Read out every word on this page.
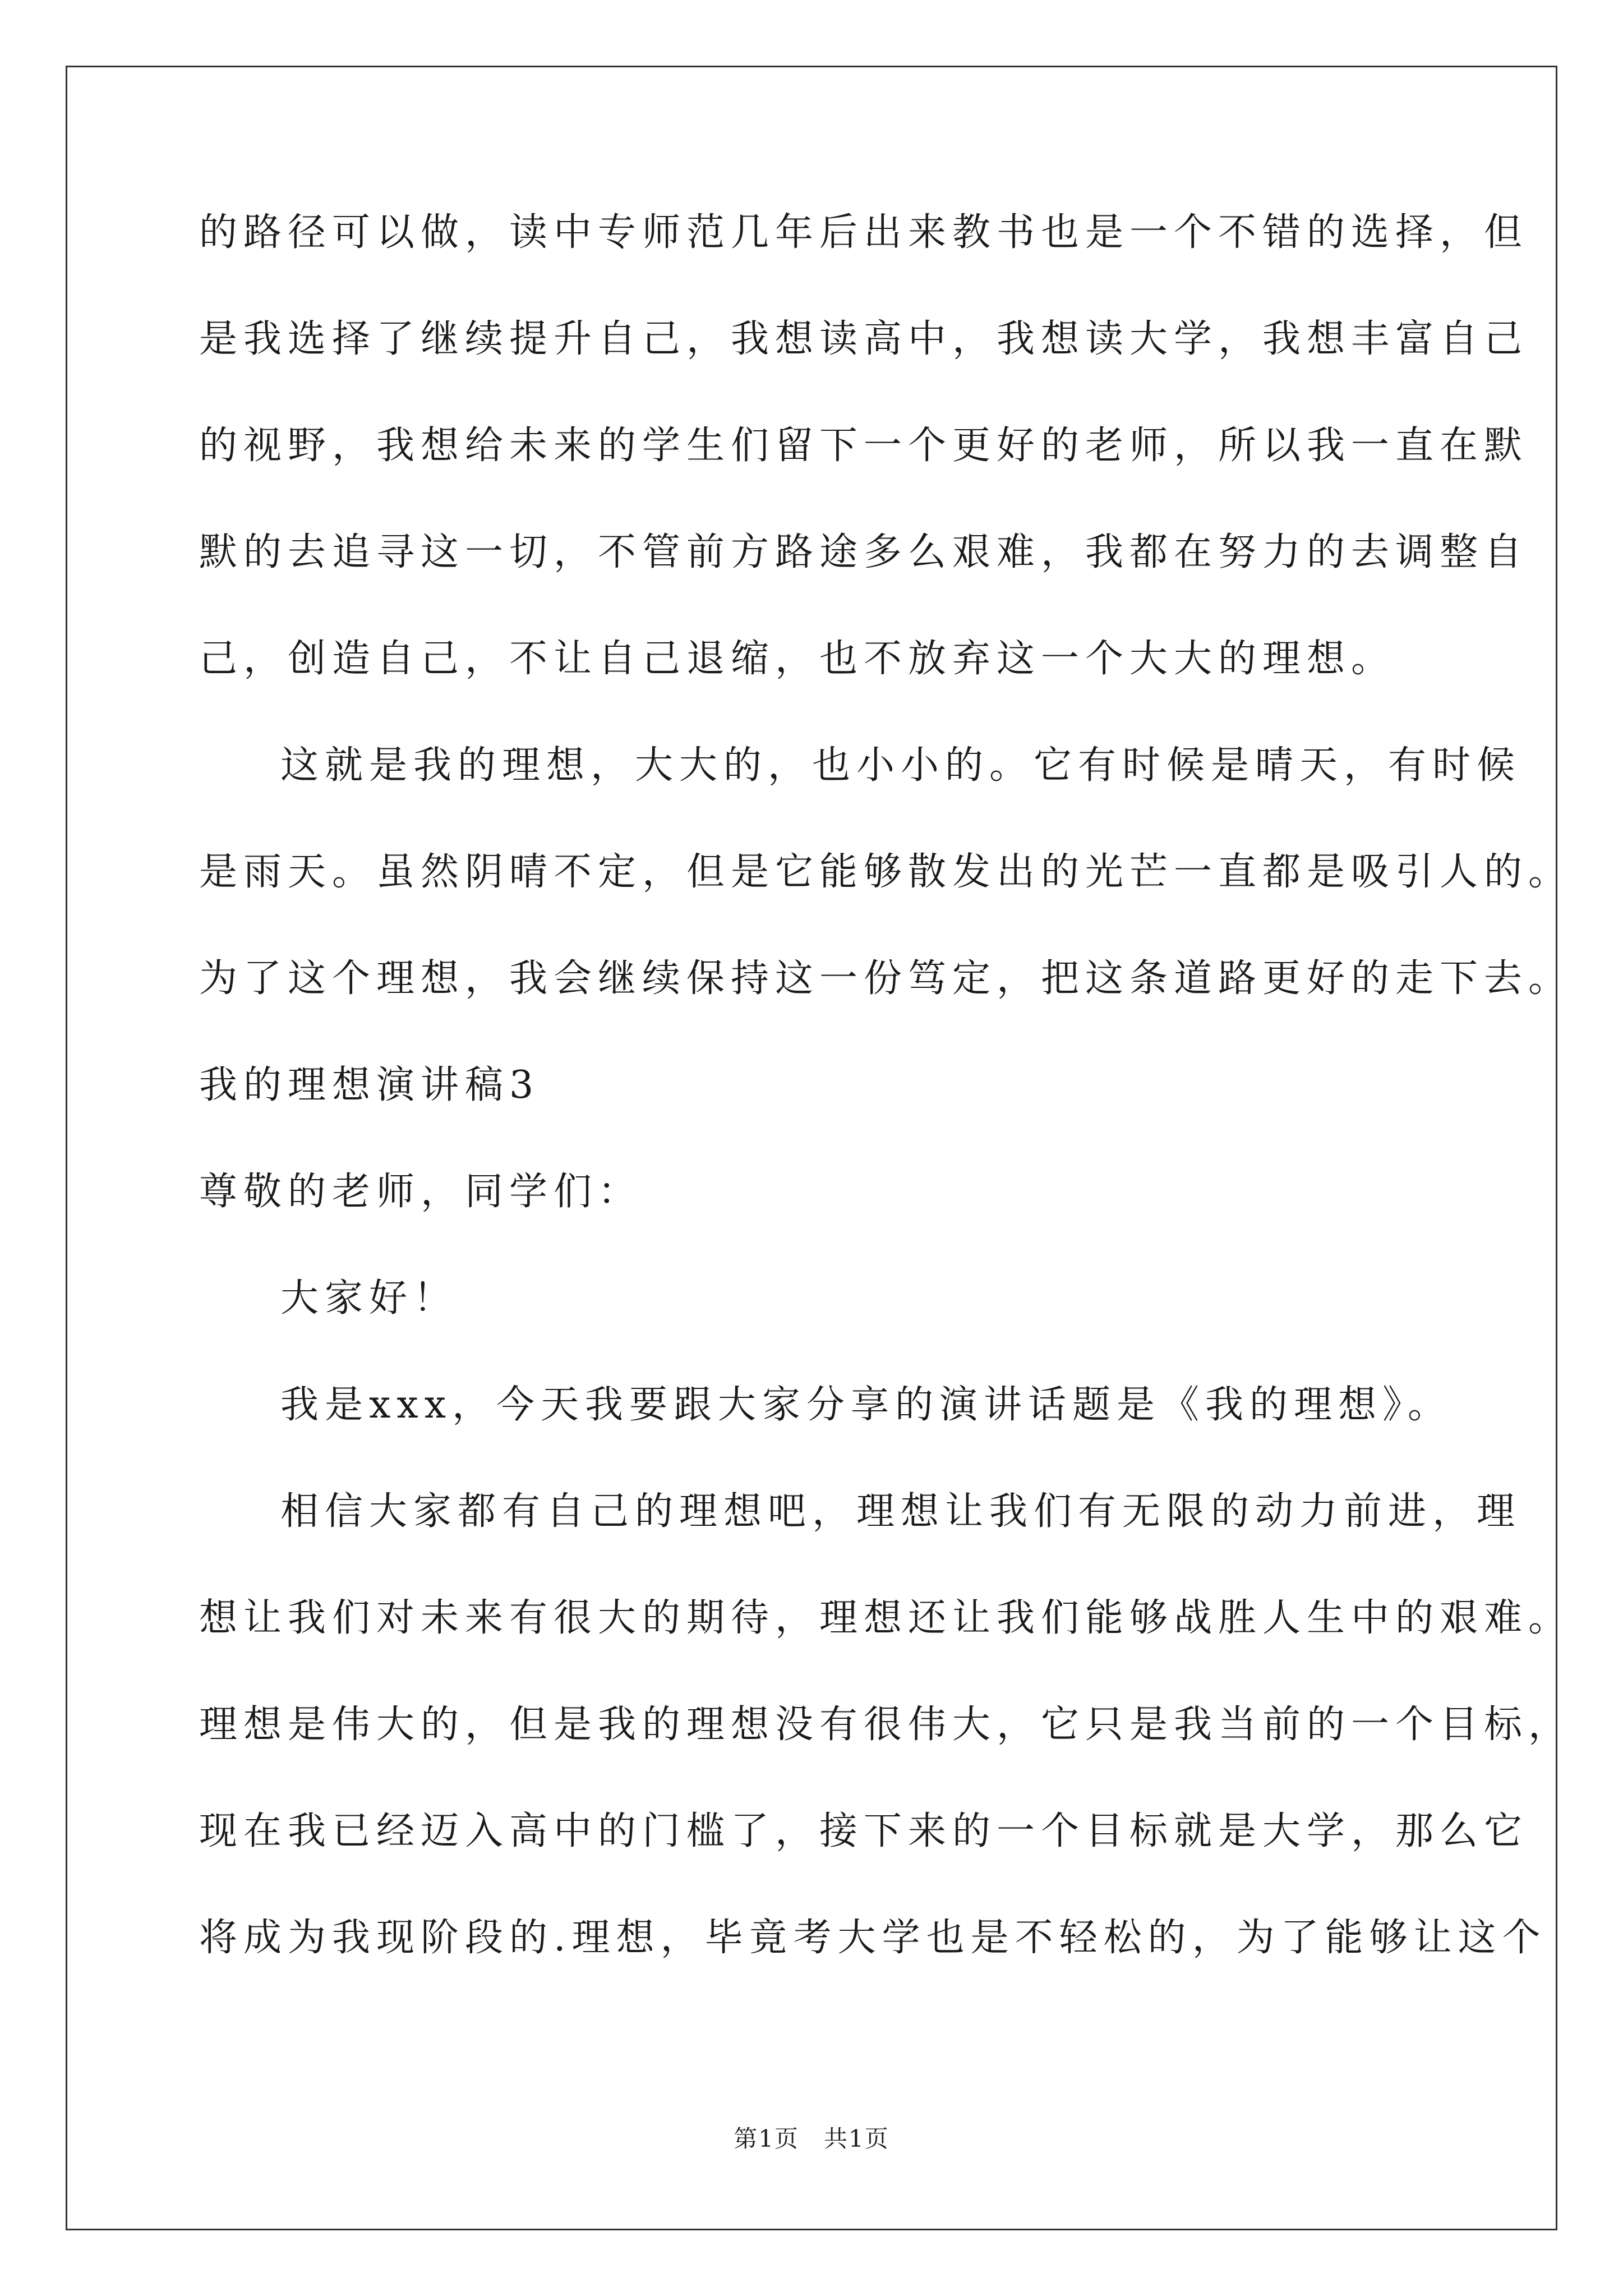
的路径可以做，读中专师范几年后出来教书也是一个不错的选择，但
是我选择了继续提升自己，我想读高中，我想读大学，我想丰富自己
的视野，我想给未来的学生们留下一个更好的老师，所以我一直在默
默的去追寻这一切，不管前方路途多么艰难，我都在努力的去调整自
己，创造自己，不让自己退缩，也不放弃这一个大大的理想。
这就是我的理想，大大的，也小小的。它有时候是晴天，有时候
是雨天。虽然阴晴不定，但是它能够散发出的光芒一直都是吸引人的。
为了这个理想，我会继续保持这一份笃定，把这条道路更好的走下去。
我的理想演讲稿3
尊敬的老师，同学们：
大家好！
我是xxx，今天我要跟大家分享的演讲话题是《我的理想》。
相信大家都有自己的理想吧，理想让我们有无限的动力前进，理
想让我们对未来有很大的期待，理想还让我们能够战胜人生中的艰难。
理想是伟大的，但是我的理想没有很伟大，它只是我当前的一个目标，
现在我已经迈入高中的门槛了，接下来的一个目标就是大学，那么它
将成为我现阶段的.理想，毕竟考大学也是不轻松的，为了能够让这个
第1页　共1页
